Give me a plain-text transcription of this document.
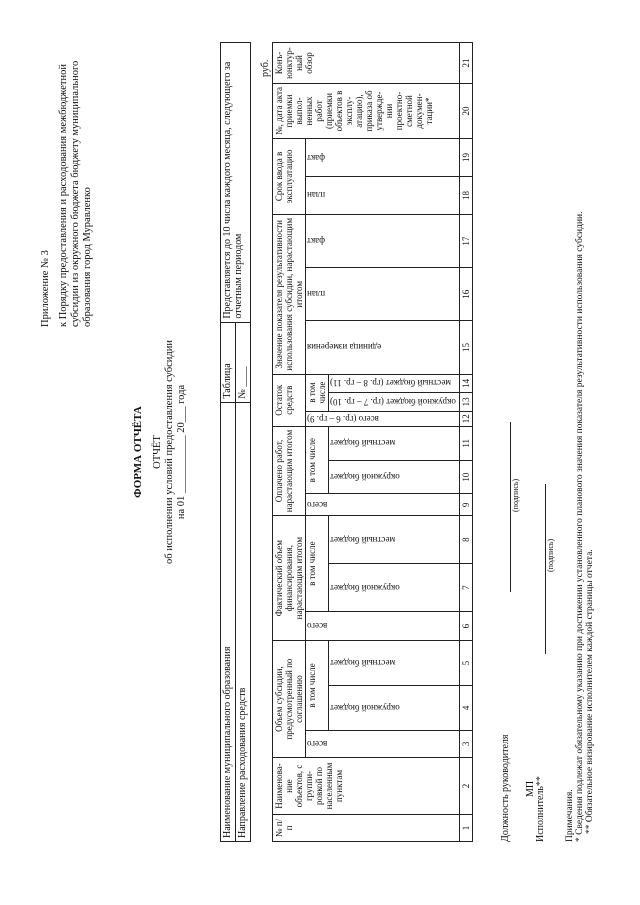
Приложение № 3 к Порядку предоставления и расходования межбюджетной субсидии из окружного бюджета бюджету муниципального образования город Муравленко
ФОРМА ОТЧЁТА ОТЧЁТ об исполнении условий предоставления субсидии на 01 ___________ 20___ года
Наименование муниципального образования	Таблица	Представляется до 10 числа каждого месяца, следующего за отчетным периодом
Направление расходования средств	№ ____	
руб.
№ п/п	Наименова-ние объектов, с группи-ровкой по населенным пунктам	Объем субсидии, предусмотренный по соглашению			Фактический объем финансирования, нарастающим итогом			Оплачено работ, нарастающим итогом			Остаток средств			Значение показателя результативности использования субсидии, нарастающим итогом			Срок ввода в эксплуатацию		№, дата акта приемки выпол-ненных работ (приемки объектов в эксплу-атацию), приказа об утвержде-нии проектно-сметной докумен-тации*	Конъ-юнктур-ный обзор
		всего	в том числе		всего	в том числе		всего	в том числе		всего (гр. 6 – гр. 9)	в том числе		единица измерения	план	факт	план	факт		
			окружной бюджет	местный бюджет		окружной бюджет	местный бюджет		окружной бюджет	местный бюджет		окружной бюджет (гр. 7 – гр. 10)	местный бюджет (гр. 8 – гр. 11)							
1	2	3	4	5	6	7	8	9	10	11	12	13	14	15	16	17	18	19	20	21
Должность руководителя
(подпись)
МП Исполнитель**
(подпись)
Примечания. * Сведения подлежат обязательному указанию при достижении установленного планового значения показателя результативности использования субсидии. ** Обязательное визирование исполнителем каждой страницы отчета.
